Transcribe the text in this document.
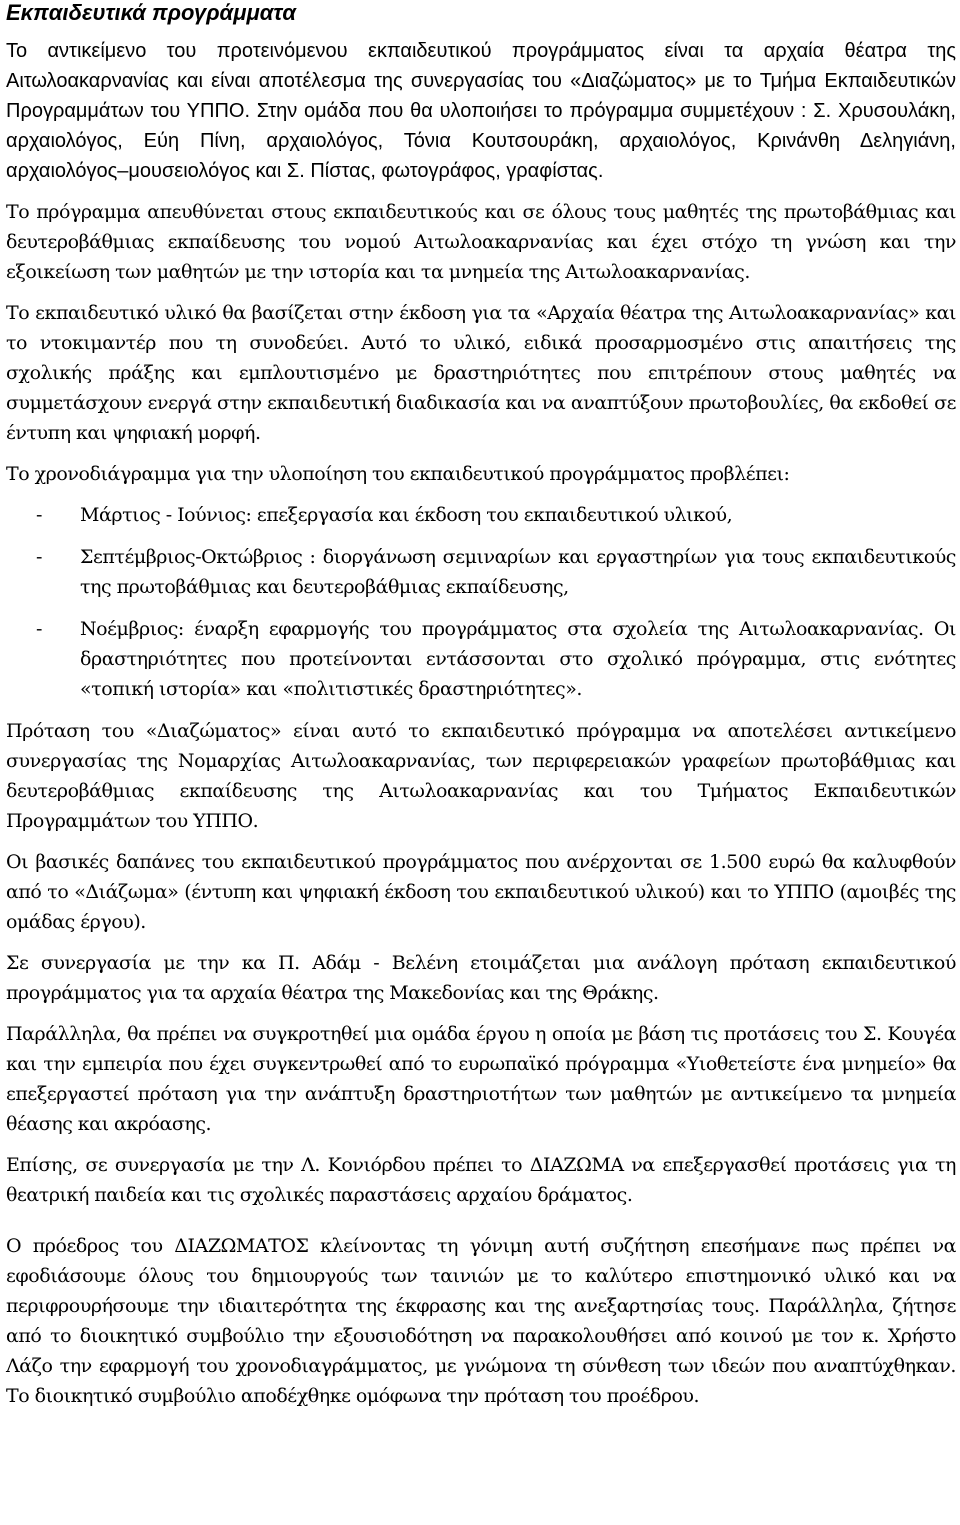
Εκπαιδευτικά προγράμματα

Το αντικείμενο του προτεινόμενου εκπαιδευτικού προγράμματος είναι τα αρχαία θέατρα της Αιτωλοακαρνανίας και είναι αποτέλεσμα της συνεργασίας του «Διαζώματος» με το Τμήμα Εκπαιδευτικών Προγραμμάτων του ΥΠΠΟ. Στην ομάδα που θα υλοποιήσει το πρόγραμμα συμμετέχουν : Σ. Χρυσουλάκη, αρχαιολόγος, Εύη Πίνη, αρχαιολόγος, Τόνια Κουτσουράκη, αρχαιολόγος, Κρινάνθη Δεληγιάνη, αρχαιολόγος–μουσειολόγος και Σ. Πίστας, φωτογράφος, γραφίστας.

Το πρόγραμμα απευθύνεται στους εκπαιδευτικούς και σε όλους τους μαθητές της πρωτοβάθμιας και δευτεροβάθμιας εκπαίδευσης του νομού Αιτωλοακαρνανίας και έχει στόχο τη γνώση και την εξοικείωση των μαθητών με την ιστορία και τα μνημεία της Αιτωλοακαρνανίας.

Το εκπαιδευτικό υλικό θα βασίζεται στην έκδοση για τα «Αρχαία θέατρα της Αιτωλοακαρνανίας» και το ντοκιμαντέρ που τη συνοδεύει. Αυτό το υλικό, ειδικά προσαρμοσμένο στις απαιτήσεις της σχολικής πράξης και εμπλουτισμένο με δραστηριότητες που επιτρέπουν στους μαθητές να συμμετάσχουν ενεργά στην εκπαιδευτική διαδικασία και να αναπτύξουν πρωτοβουλίες, θα εκδοθεί σε έντυπη και ψηφιακή μορφή.

Το χρονοδιάγραμμα για την υλοποίηση του εκπαιδευτικού προγράμματος προβλέπει:

- Μάρτιος - Ιούνιος: επεξεργασία και έκδοση του εκπαιδευτικού υλικού,
- Σεπτέμβριος-Οκτώβριος : διοργάνωση σεμιναρίων και εργαστηρίων για τους εκπαιδευτικούς της πρωτοβάθμιας και δευτεροβάθμιας εκπαίδευσης,
- Νοέμβριος: έναρξη εφαρμογής του προγράμματος στα σχολεία της Αιτωλοακαρνανίας. Οι δραστηριότητες που προτείνονται εντάσσονται στο σχολικό πρόγραμμα, στις ενότητες «τοπική ιστορία» και «πολιτιστικές δραστηριότητες».

Πρόταση του «Διαζώματος» είναι αυτό το εκπαιδευτικό πρόγραμμα να αποτελέσει αντικείμενο συνεργασίας της Νομαρχίας Αιτωλοακαρνανίας, των περιφερειακών γραφείων πρωτοβάθμιας και δευτεροβάθμιας εκπαίδευσης της Αιτωλοακαρνανίας και του Τμήματος Εκπαιδευτικών Προγραμμάτων του ΥΠΠΟ.

Οι βασικές δαπάνες του εκπαιδευτικού προγράμματος που ανέρχονται σε 1.500 ευρώ θα καλυφθούν από το «Διάζωμα» (έντυπη και ψηφιακή έκδοση του εκπαιδευτικού υλικού) και το ΥΠΠΟ (αμοιβές της ομάδας έργου).

Σε συνεργασία με την κα Π. Αδάμ - Βελένη ετοιμάζεται μια ανάλογη πρόταση εκπαιδευτικού προγράμματος για τα αρχαία θέατρα της Μακεδονίας και της Θράκης.

Παράλληλα, θα πρέπει να συγκροτηθεί μια ομάδα έργου η οποία με βάση τις προτάσεις του Σ. Κουγέα και την εμπειρία που έχει συγκεντρωθεί από το ευρωπαϊκό πρόγραμμα «Υιοθετείστε ένα μνημείο» θα επεξεργαστεί πρόταση για την ανάπτυξη δραστηριοτήτων των μαθητών με αντικείμενο τα μνημεία θέασης και ακρόασης.

Επίσης, σε συνεργασία με την Λ. Κονιόρδου πρέπει το ΔΙΑΖΩΜΑ να επεξεργασθεί προτάσεις για τη θεατρική παιδεία και τις σχολικές παραστάσεις αρχαίου δράματος.

Ο πρόεδρος του ΔΙΑΖΩΜΑΤΟΣ κλείνοντας τη γόνιμη αυτή συζήτηση επεσήμανε πως πρέπει να εφοδιάσουμε όλους του δημιουργούς των ταινιών με το καλύτερο επιστημονικό υλικό και να περιφρουρήσουμε την ιδιαιτερότητα της έκφρασης και της ανεξαρτησίας τους. Παράλληλα, ζήτησε από το διοικητικό συμβούλιο την εξουσιοδότηση να παρακολουθήσει από κοινού με τον κ. Χρήστο Λάζο την εφαρμογή του χρονοδιαγράμματος, με γνώμονα τη σύνθεση των ιδεών που αναπτύχθηκαν. Το διοικητικό συμβούλιο αποδέχθηκε ομόφωνα την πρόταση του προέδρου.
